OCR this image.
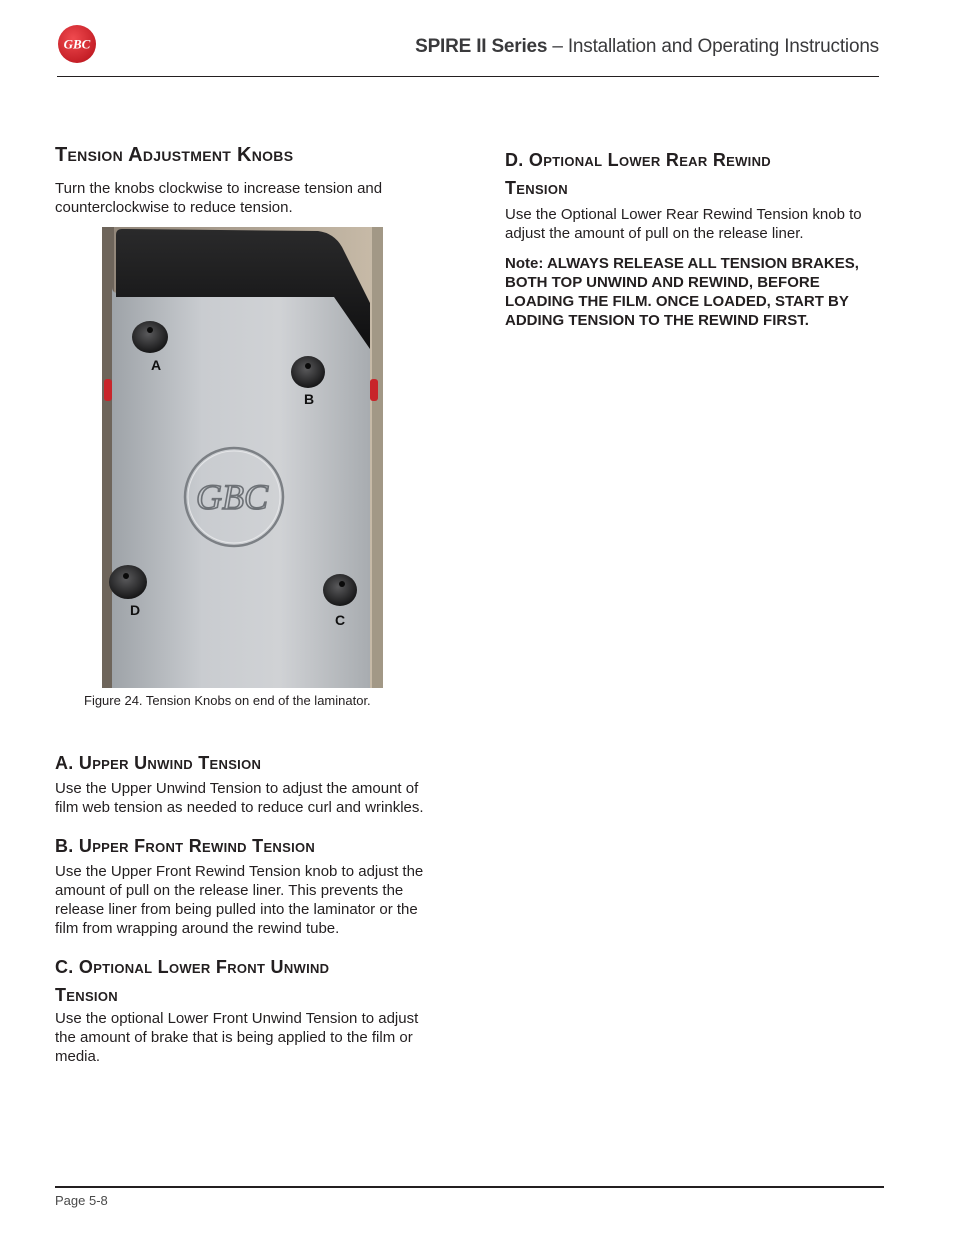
GBC	SPIRE II Series – Installation and Operating Instructions
Tension Adjustment Knobs

Turn the knobs clockwise to increase tension and counterclockwise to reduce tension.

A. Upper Unwind Tension

Use the Upper Unwind Tension to adjust the amount of film web tension as needed to reduce curl and wrinkles.

B. Upper Front Rewind Tension

Use the Upper Front Rewind Tension knob to adjust the amount of pull on the release liner. This prevents the release liner from being pulled into the laminator or the film from wrapping around the rewind tube.

C. Optional Lower Front Unwind
Tension

Use the optional Lower Front Unwind Tension to adjust the amount of brake that is being applied to the film or media.

GBC
A
B
C
D
Figure 24. Tension Knobs on end of the laminator.
D. Optional Lower Rear Rewind
Tension

Use the Optional Lower Rear Rewind Tension knob to adjust the amount of pull on the release liner.

Note: ALWAYS RELEASE ALL TENSION BRAKES, BOTH TOP UNWIND AND REWIND, BEFORE LOADING THE FILM. ONCE LOADED, START BY ADDING TENSION TO THE REWIND FIRST.

Page 5-8
